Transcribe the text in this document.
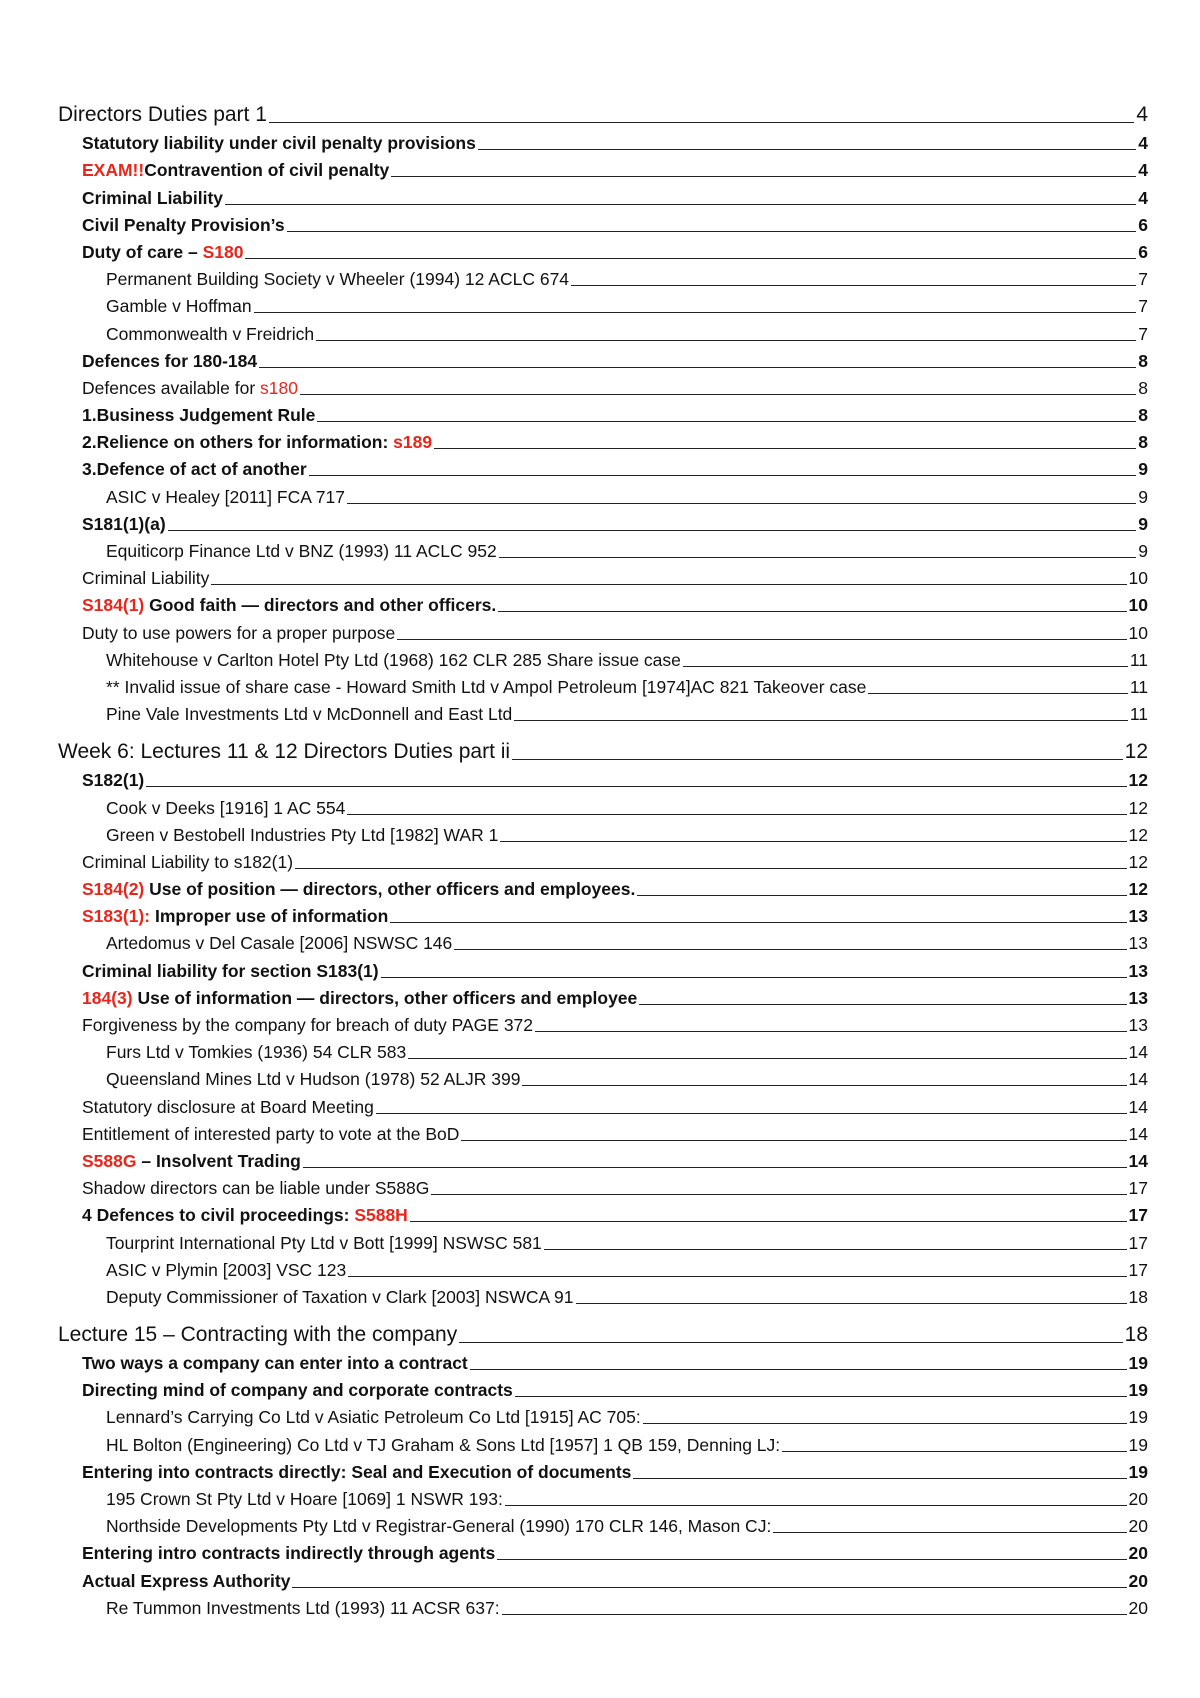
Directors Duties part 1	4
Statutory liability under civil penalty provisions	4
EXAM!!Contravention of civil penalty	4
Criminal Liability	4
Civil Penalty Provision’s	6
Duty of care – S180	6
Permanent Building Society v Wheeler (1994) 12 ACLC 674	7
Gamble v Hoffman	7
Commonwealth v Freidrich	7
Defences for 180-184	8
Defences available for s180	8
1.Business Judgement Rule	8
2.Relience on others for information: s189	8
3.Defence of act of another	9
ASIC v Healey [2011] FCA 717	9
S181(1)(a)	9
Equiticorp Finance Ltd v BNZ (1993) 11 ACLC 952	9
Criminal Liability	10
S184(1) Good faith — directors and other officers.	10
Duty to use powers for a proper purpose	10
Whitehouse v Carlton Hotel Pty Ltd (1968) 162 CLR 285 Share issue case	11
** Invalid issue of share case - Howard Smith Ltd v Ampol Petroleum [1974]AC 821 Takeover case	11
Pine Vale Investments Ltd v McDonnell and East Ltd	11
Week 6: Lectures 11 & 12 Directors Duties part ii	12
S182(1)	12
Cook v Deeks [1916] 1 AC 554	12
Green v Bestobell Industries Pty Ltd [1982] WAR 1	12
Criminal Liability to s182(1)	12
S184(2) Use of position — directors, other officers and employees.	12
S183(1): Improper use of information	13
Artedomus v Del Casale [2006] NSWSC 146	13
Criminal liability for section S183(1)	13
184(3) Use of information — directors, other officers and employee	13
Forgiveness by the company for breach of duty PAGE 372	13
Furs Ltd v Tomkies (1936) 54 CLR 583	14
Queensland Mines Ltd v Hudson (1978) 52 ALJR 399	14
Statutory disclosure at Board Meeting	14
Entitlement of interested party to vote at the BoD	14
S588G – Insolvent Trading	14
Shadow directors can be liable under S588G	17
4 Defences to civil proceedings: S588H	17
Tourprint International Pty Ltd v Bott [1999] NSWSC 581	17
ASIC v Plymin [2003] VSC 123	17
Deputy Commissioner of Taxation v Clark [2003] NSWCA 91	18
Lecture 15 – Contracting with the company	18
Two ways a company can enter into a contract	19
Directing mind of company and corporate contracts	19
Lennard’s Carrying Co Ltd v Asiatic Petroleum Co Ltd [1915] AC 705:	19
HL Bolton (Engineering) Co Ltd v TJ Graham & Sons Ltd [1957] 1 QB 159, Denning LJ:	19
Entering into contracts directly: Seal and Execution of documents	19
195 Crown St Pty Ltd v Hoare [1069] 1 NSWR 193:	20
Northside Developments Pty Ltd v Registrar-General (1990) 170 CLR 146, Mason CJ:	20
Entering intro contracts indirectly through agents	20
Actual Express Authority	20
Re Tummon Investments Ltd (1993) 11 ACSR 637:	20
